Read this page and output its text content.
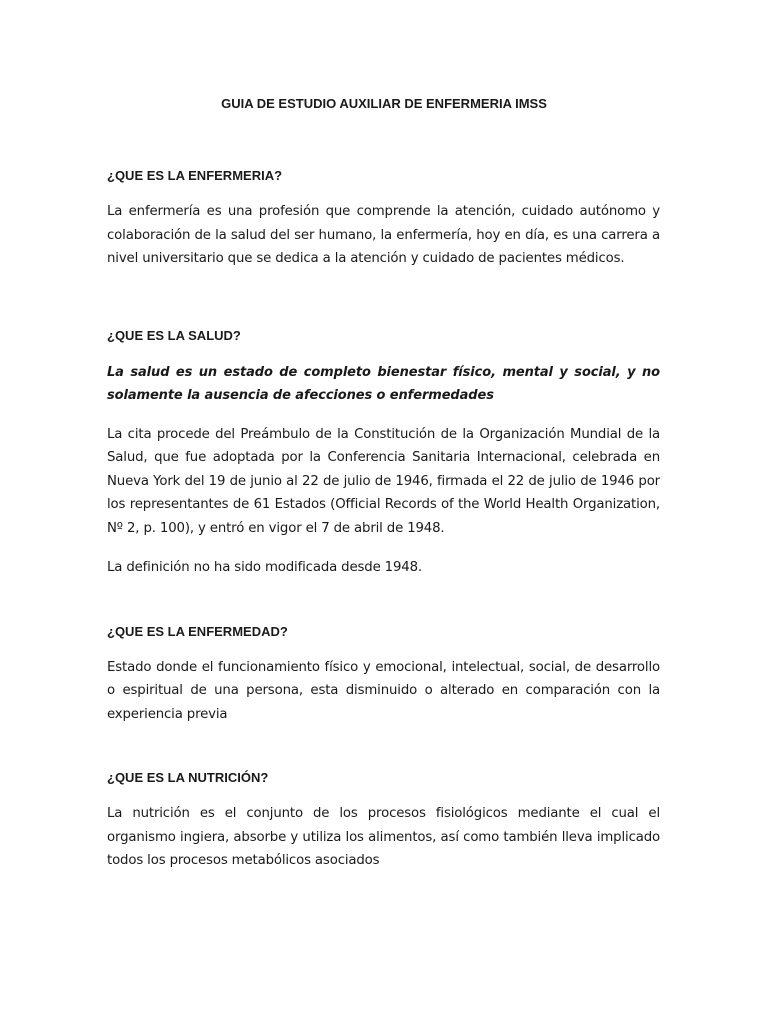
GUIA DE ESTUDIO AUXILIAR DE ENFERMERIA IMSS
¿QUE ES LA ENFERMERIA?

La enfermería es una profesión que comprende la atención, cuidado autónomo y colaboración de la salud del ser humano, la enfermería, hoy en día, es una carrera a nivel universitario que se dedica a la atención y cuidado de pacientes médicos.

¿QUE ES LA SALUD?

La salud es un estado de completo bienestar físico, mental y social, y no solamente la ausencia de afecciones o enfermedades

La cita procede del Preámbulo de la Constitución de la Organización Mundial de la Salud, que fue adoptada por la Conferencia Sanitaria Internacional, celebrada en Nueva York del 19 de junio al 22 de julio de 1946, firmada el 22 de julio de 1946 por los representantes de 61 Estados (Official Records of the World Health Organization, Nº 2, p. 100), y entró en vigor el 7 de abril de 1948.

La definición no ha sido modificada desde 1948.

¿QUE ES LA ENFERMEDAD?

Estado donde el funcionamiento físico y emocional, intelectual, social, de desarrollo o espiritual de una persona, esta disminuido o alterado en comparación con la experiencia previa

¿QUE ES LA NUTRICIÓN?

La nutrición es el conjunto de los procesos fisiológicos mediante el cual el organismo ingiera, absorbe y utiliza los alimentos, así como también lleva implicado todos los procesos metabólicos asociados
